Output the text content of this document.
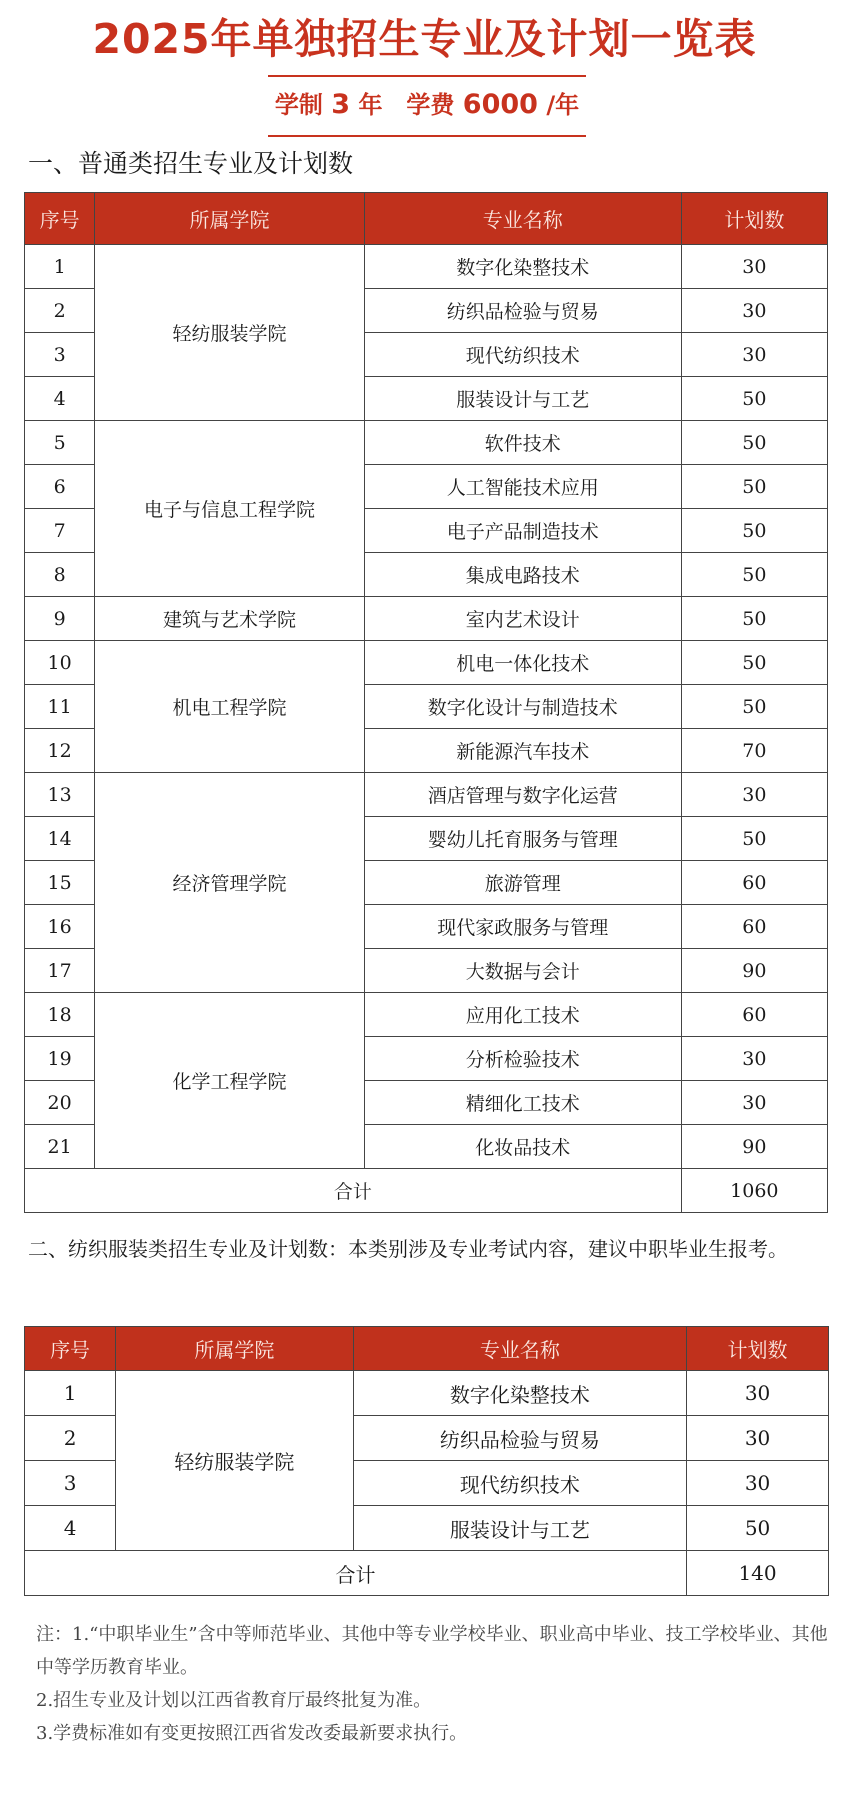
2025年单独招生专业及计划一览表
学制 3 年　学费 6000 /年
一、普通类招生专业及计划数
序号	所属学院	专业名称	计划数
1	轻纺服装学院	数字化染整技术	30
2		纺织品检验与贸易	30
3		现代纺织技术	30
4		服装设计与工艺	50
5	电子与信息工程学院	软件技术	50
6		人工智能技术应用	50
7		电子产品制造技术	50
8		集成电路技术	50
9	建筑与艺术学院	室内艺术设计	50
10	机电工程学院	机电一体化技术	50
11		数字化设计与制造技术	50
12		新能源汽车技术	70
13	经济管理学院	酒店管理与数字化运营	30
14		婴幼儿托育服务与管理	50
15		旅游管理	60
16		现代家政服务与管理	60
17		大数据与会计	90
18	化学工程学院	应用化工技术	60
19		分析检验技术	30
20		精细化工技术	30
21		化妆品技术	90
合计			1060
二、纺织服装类招生专业及计划数：本类别涉及专业考试内容，建议中职毕业生报考。
序号	所属学院	专业名称	计划数
1	轻纺服装学院	数字化染整技术	30
2		纺织品检验与贸易	30
3		现代纺织技术	30
4		服装设计与工艺	50
合计			140
注：1.“中职毕业生”含中等师范毕业、其他中等专业学校毕业、职业高中毕业、技工学校毕业、其他中等学历教育毕业。
2.招生专业及计划以江西省教育厅最终批复为准。
3.学费标准如有变更按照江西省发改委最新要求执行。
